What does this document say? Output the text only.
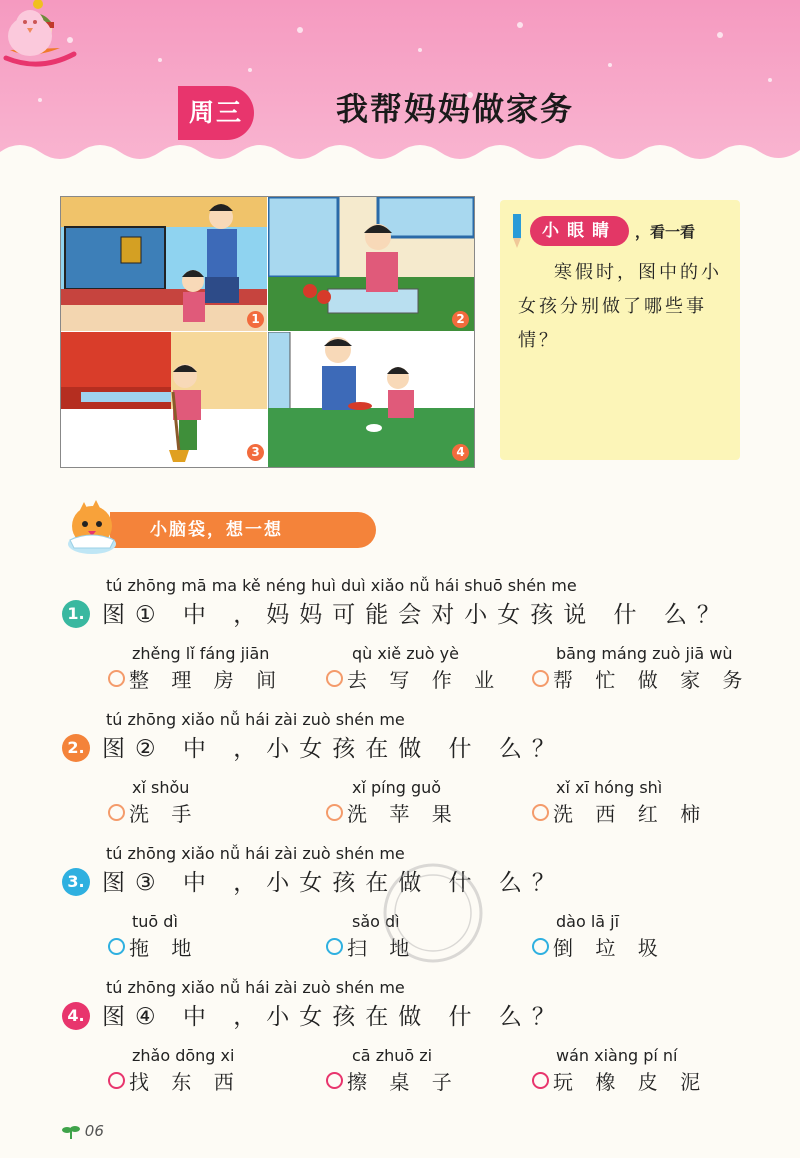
周三	我帮妈妈做家务
1	2
3	4
小眼睛	，看一看
寒假时，图中的小女孩分别做了哪些事情？
小脑袋，想一想
tú zhōng mā ma kě néng huì duì xiǎo nǚ hái shuō shén me
1. 图① 中 ，妈妈可能会对小女孩说 什 么？
zhěng lǐ fáng jiān
整 理 房 间
qù xiě zuò yè
去 写 作 业
bāng máng zuò jiā wù
帮 忙 做 家 务
tú zhōng xiǎo nǚ hái zài zuò shén me
2. 图② 中 ，小女孩在做 什 么？
xǐ shǒu
洗 手
xǐ píng guǒ
洗 苹 果
xǐ xī hóng shì
洗 西 红 柿
tú zhōng xiǎo nǚ hái zài zuò shén me
3. 图③ 中 ，小女孩在做 什 么？
tuō dì
拖 地
sǎo dì
扫 地
dào lā jī
倒 垃 圾
tú zhōng xiǎo nǚ hái zài zuò shén me
4. 图④ 中 ，小女孩在做 什 么？
zhǎo dōng xi
找 东 西
cā zhuō zi
擦 桌 子
wán xiàng pí ní
玩 橡 皮 泥
06
